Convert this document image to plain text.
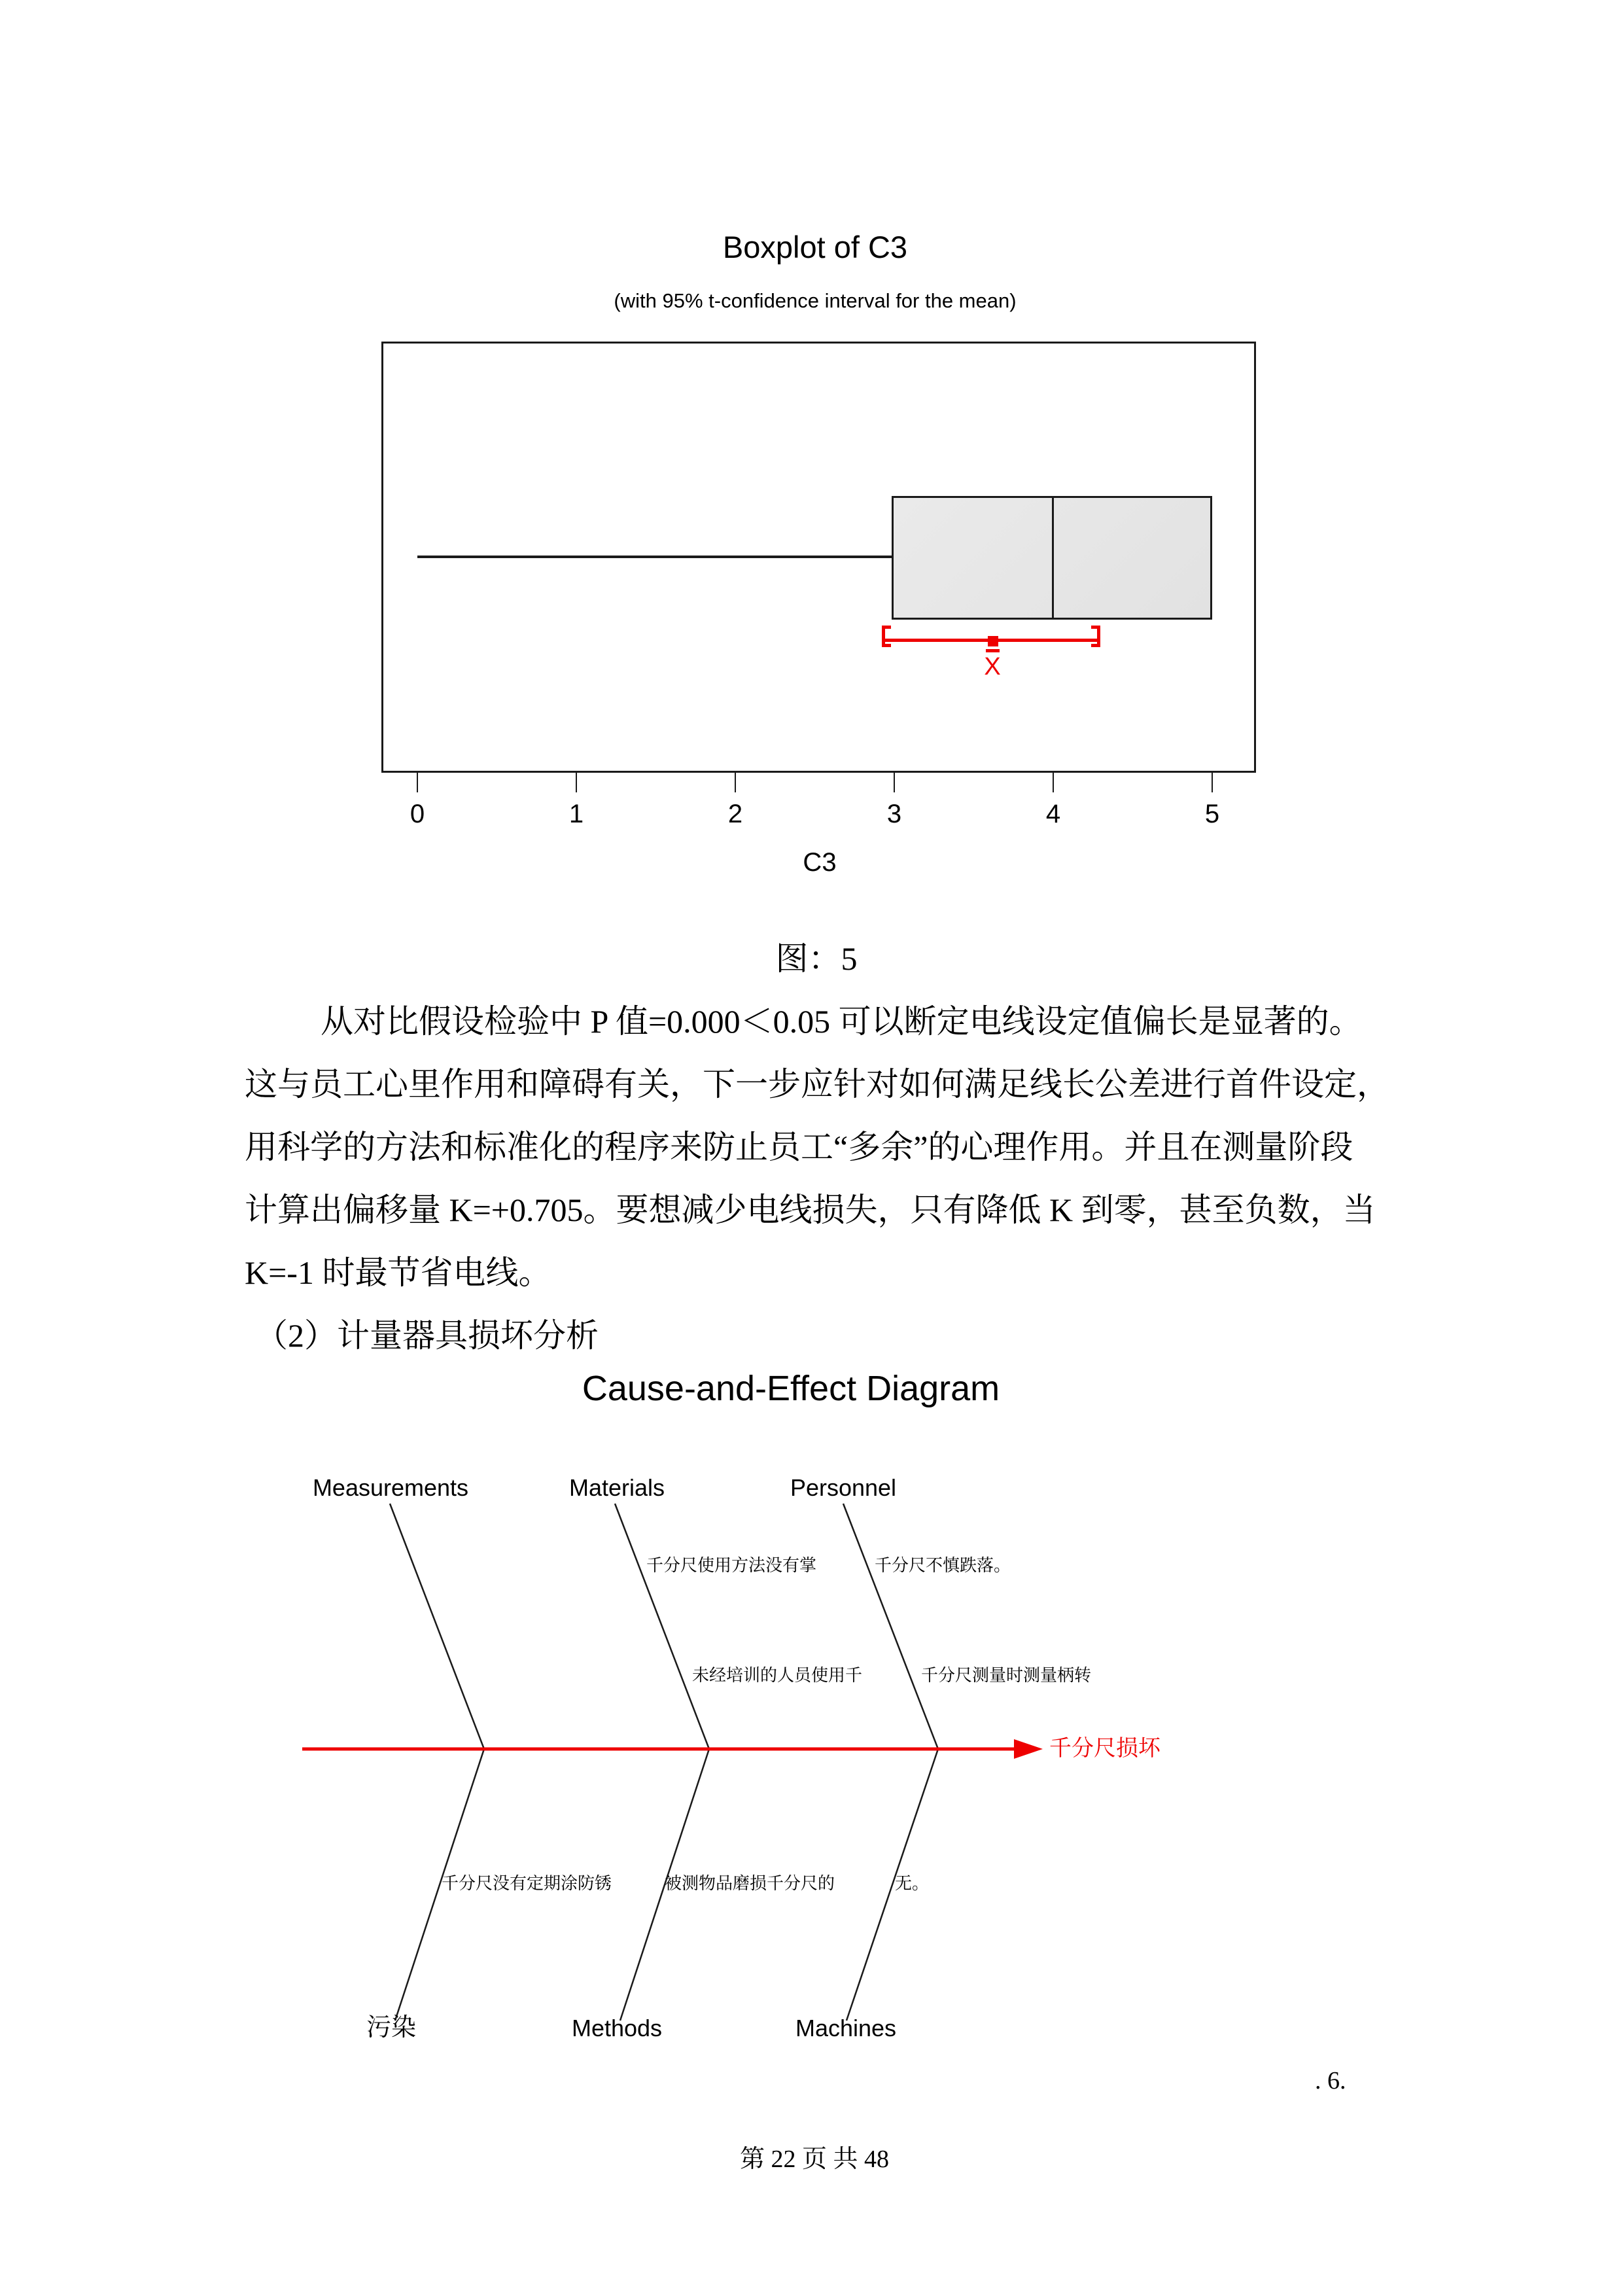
Boxplot of C3
(with 95% t-confidence interval for the mean)
X
0	1	2	3	4	5
C3
图：5
从对比假设检验中 P 值=0.000＜0.05 可以断定电线设定值偏长是显著的。
这与员工心里作用和障碍有关，下一步应针对如何满足线长公差进行首件设定，
用科学的方法和标准化的程序来防止员工“多余”的心理作用。并且在测量阶段
计算出偏移量 K=+0.705。要想减少电线损失，只有降低 K 到零，甚至负数，当
K=-1 时最节省电线。
（2）计量器具损坏分析
Cause-and-Effect Diagram
Measurements	Materials	Personnel
污染	Methods	Machines
千分尺使用方法没有掌	千分尺不慎跌落。
未经培训的人员使用千	千分尺测量时测量柄转
千分尺没有定期涂防锈	被测物品磨损千分尺的	无。
千分尺损坏
. 6.
第 22 页 共 48
